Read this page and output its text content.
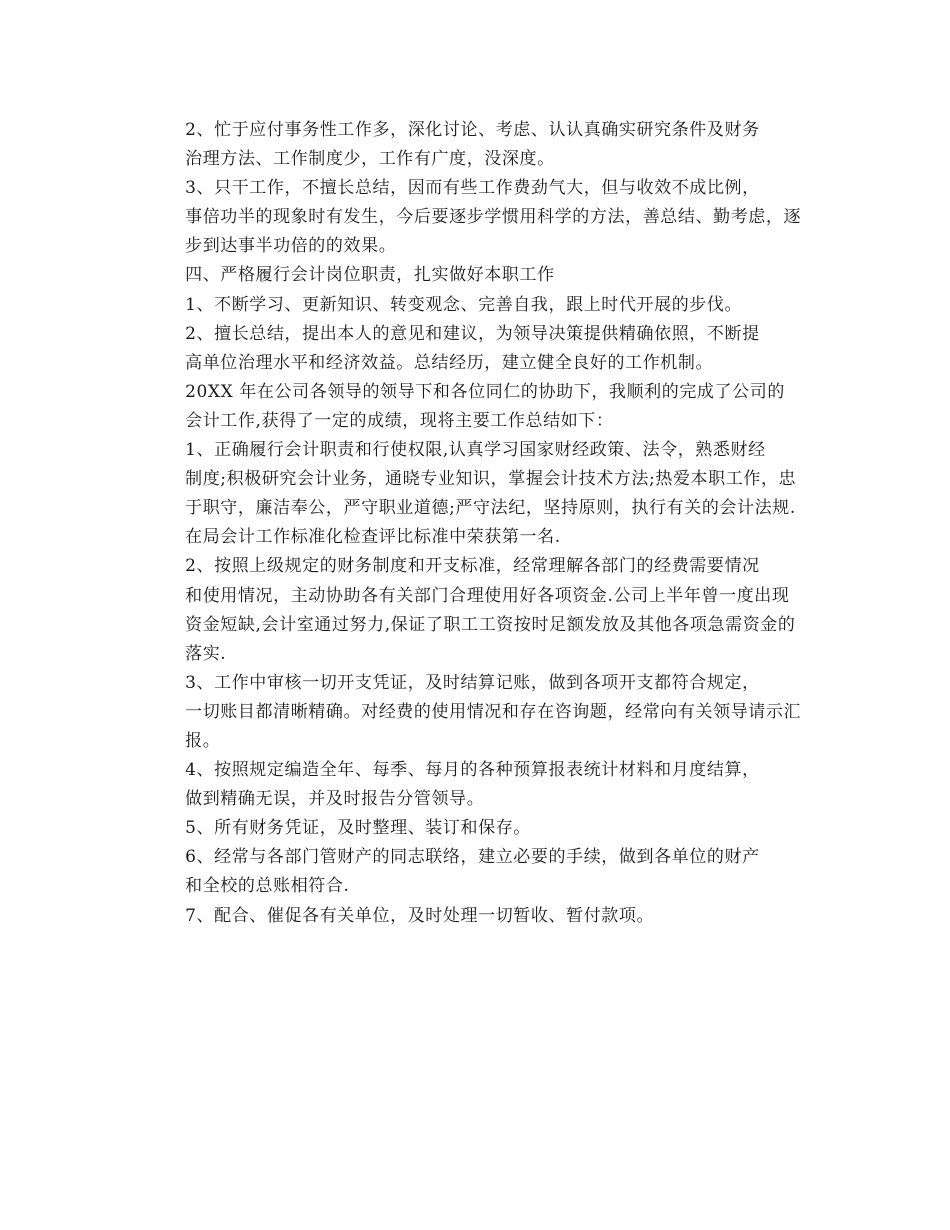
2、忙于应付事务性工作多，深化讨论、考虑、认认真确实研究条件及财务
治理方法、工作制度少，工作有广度，没深度。

3、只干工作，不擅长总结，因而有些工作费劲气大，但与收效不成比例，
事倍功半的现象时有发生，今后要逐步学惯用科学的方法，善总结、勤考虑，逐
步到达事半功倍的的效果。

四、严格履行会计岗位职责，扎实做好本职工作

1、不断学习、更新知识、转变观念、完善自我，跟上时代开展的步伐。

2、擅长总结，提出本人的意见和建议，为领导决策提供精确依照，不断提
高单位治理水平和经济效益。总结经历，建立健全良好的工作机制。

20XX 年在公司各领导的领导下和各位同仁的协助下，我顺利的完成了公司的
会计工作,获得了一定的成绩，现将主要工作总结如下：

1、正确履行会计职责和行使权限,认真学习国家财经政策、法令，熟悉财经
制度;积极研究会计业务，通晓专业知识，掌握会计技术方法;热爱本职工作，忠
于职守，廉洁奉公，严守职业道德;严守法纪，坚持原则，执行有关的会计法规.
在局会计工作标准化检查评比标准中荣获第一名.

2、按照上级规定的财务制度和开支标准，经常理解各部门的经费需要情况
和使用情况，主动协助各有关部门合理使用好各项资金.公司上半年曾一度出现
资金短缺,会计室通过努力,保证了职工工资按时足额发放及其他各项急需资金的
落实.

3、工作中审核一切开支凭证，及时结算记账，做到各项开支都符合规定，
一切账目都清晰精确。对经费的使用情况和存在咨询题，经常向有关领导请示汇
报。

4、按照规定编造全年、每季、每月的各种预算报表统计材料和月度结算，
做到精确无误，并及时报告分管领导。

5、所有财务凭证，及时整理、装订和保存。

6、经常与各部门管财产的同志联络，建立必要的手续，做到各单位的财产
和全校的总账相符合.

7、配合、催促各有关单位，及时处理一切暂收、暂付款项。
